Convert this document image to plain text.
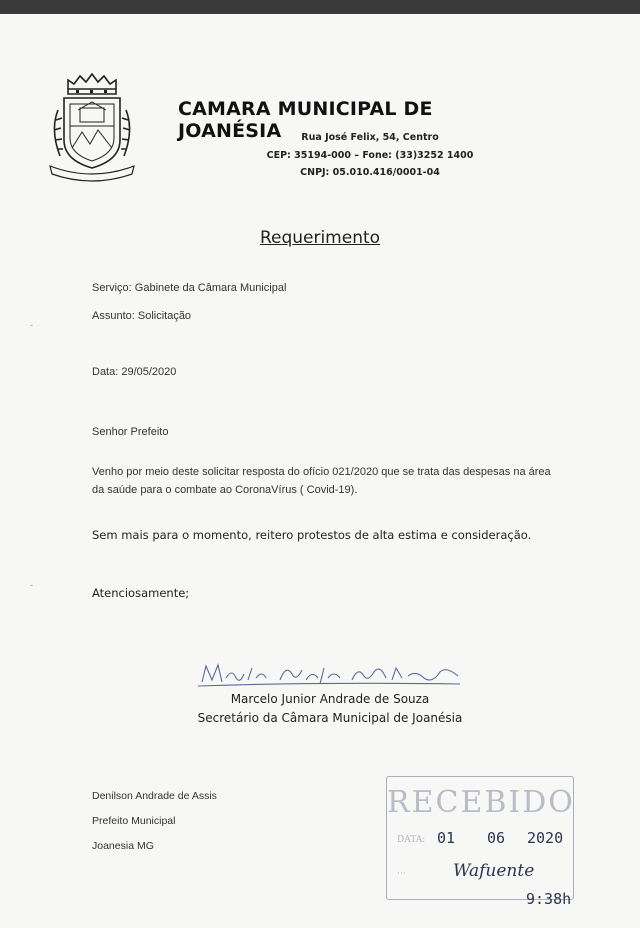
CAMARA MUNICIPAL DE JOANÉSIA	Rua José Felix, 54, Centro
CEP: 35194-000 – Fone: (33)3252 1400
CNPJ: 05.010.416/0001-04
Requerimento
Serviço: Gabinete da Câmara Municipal
Assunto: Solicitação
Data: 29/05/2020
Senhor Prefeito
Venho por meio deste solicitar resposta do ofício 021/2020 que se trata das despesas na área da saúde para o combate ao CoronaVírus ( Covid-19).
Sem mais para o momento, reitero protestos de alta estima e consideração.
Atenciosamente;
Marcelo Junior Andrade de Souza
Secretário da Câmara Municipal de Joanésia
Denilson Andrade de Assis
Prefeito Municipal
Joanesia MG
RECEBIDO
DATA: 01 06 2020
···	Wafuente
9:38h
-
-
